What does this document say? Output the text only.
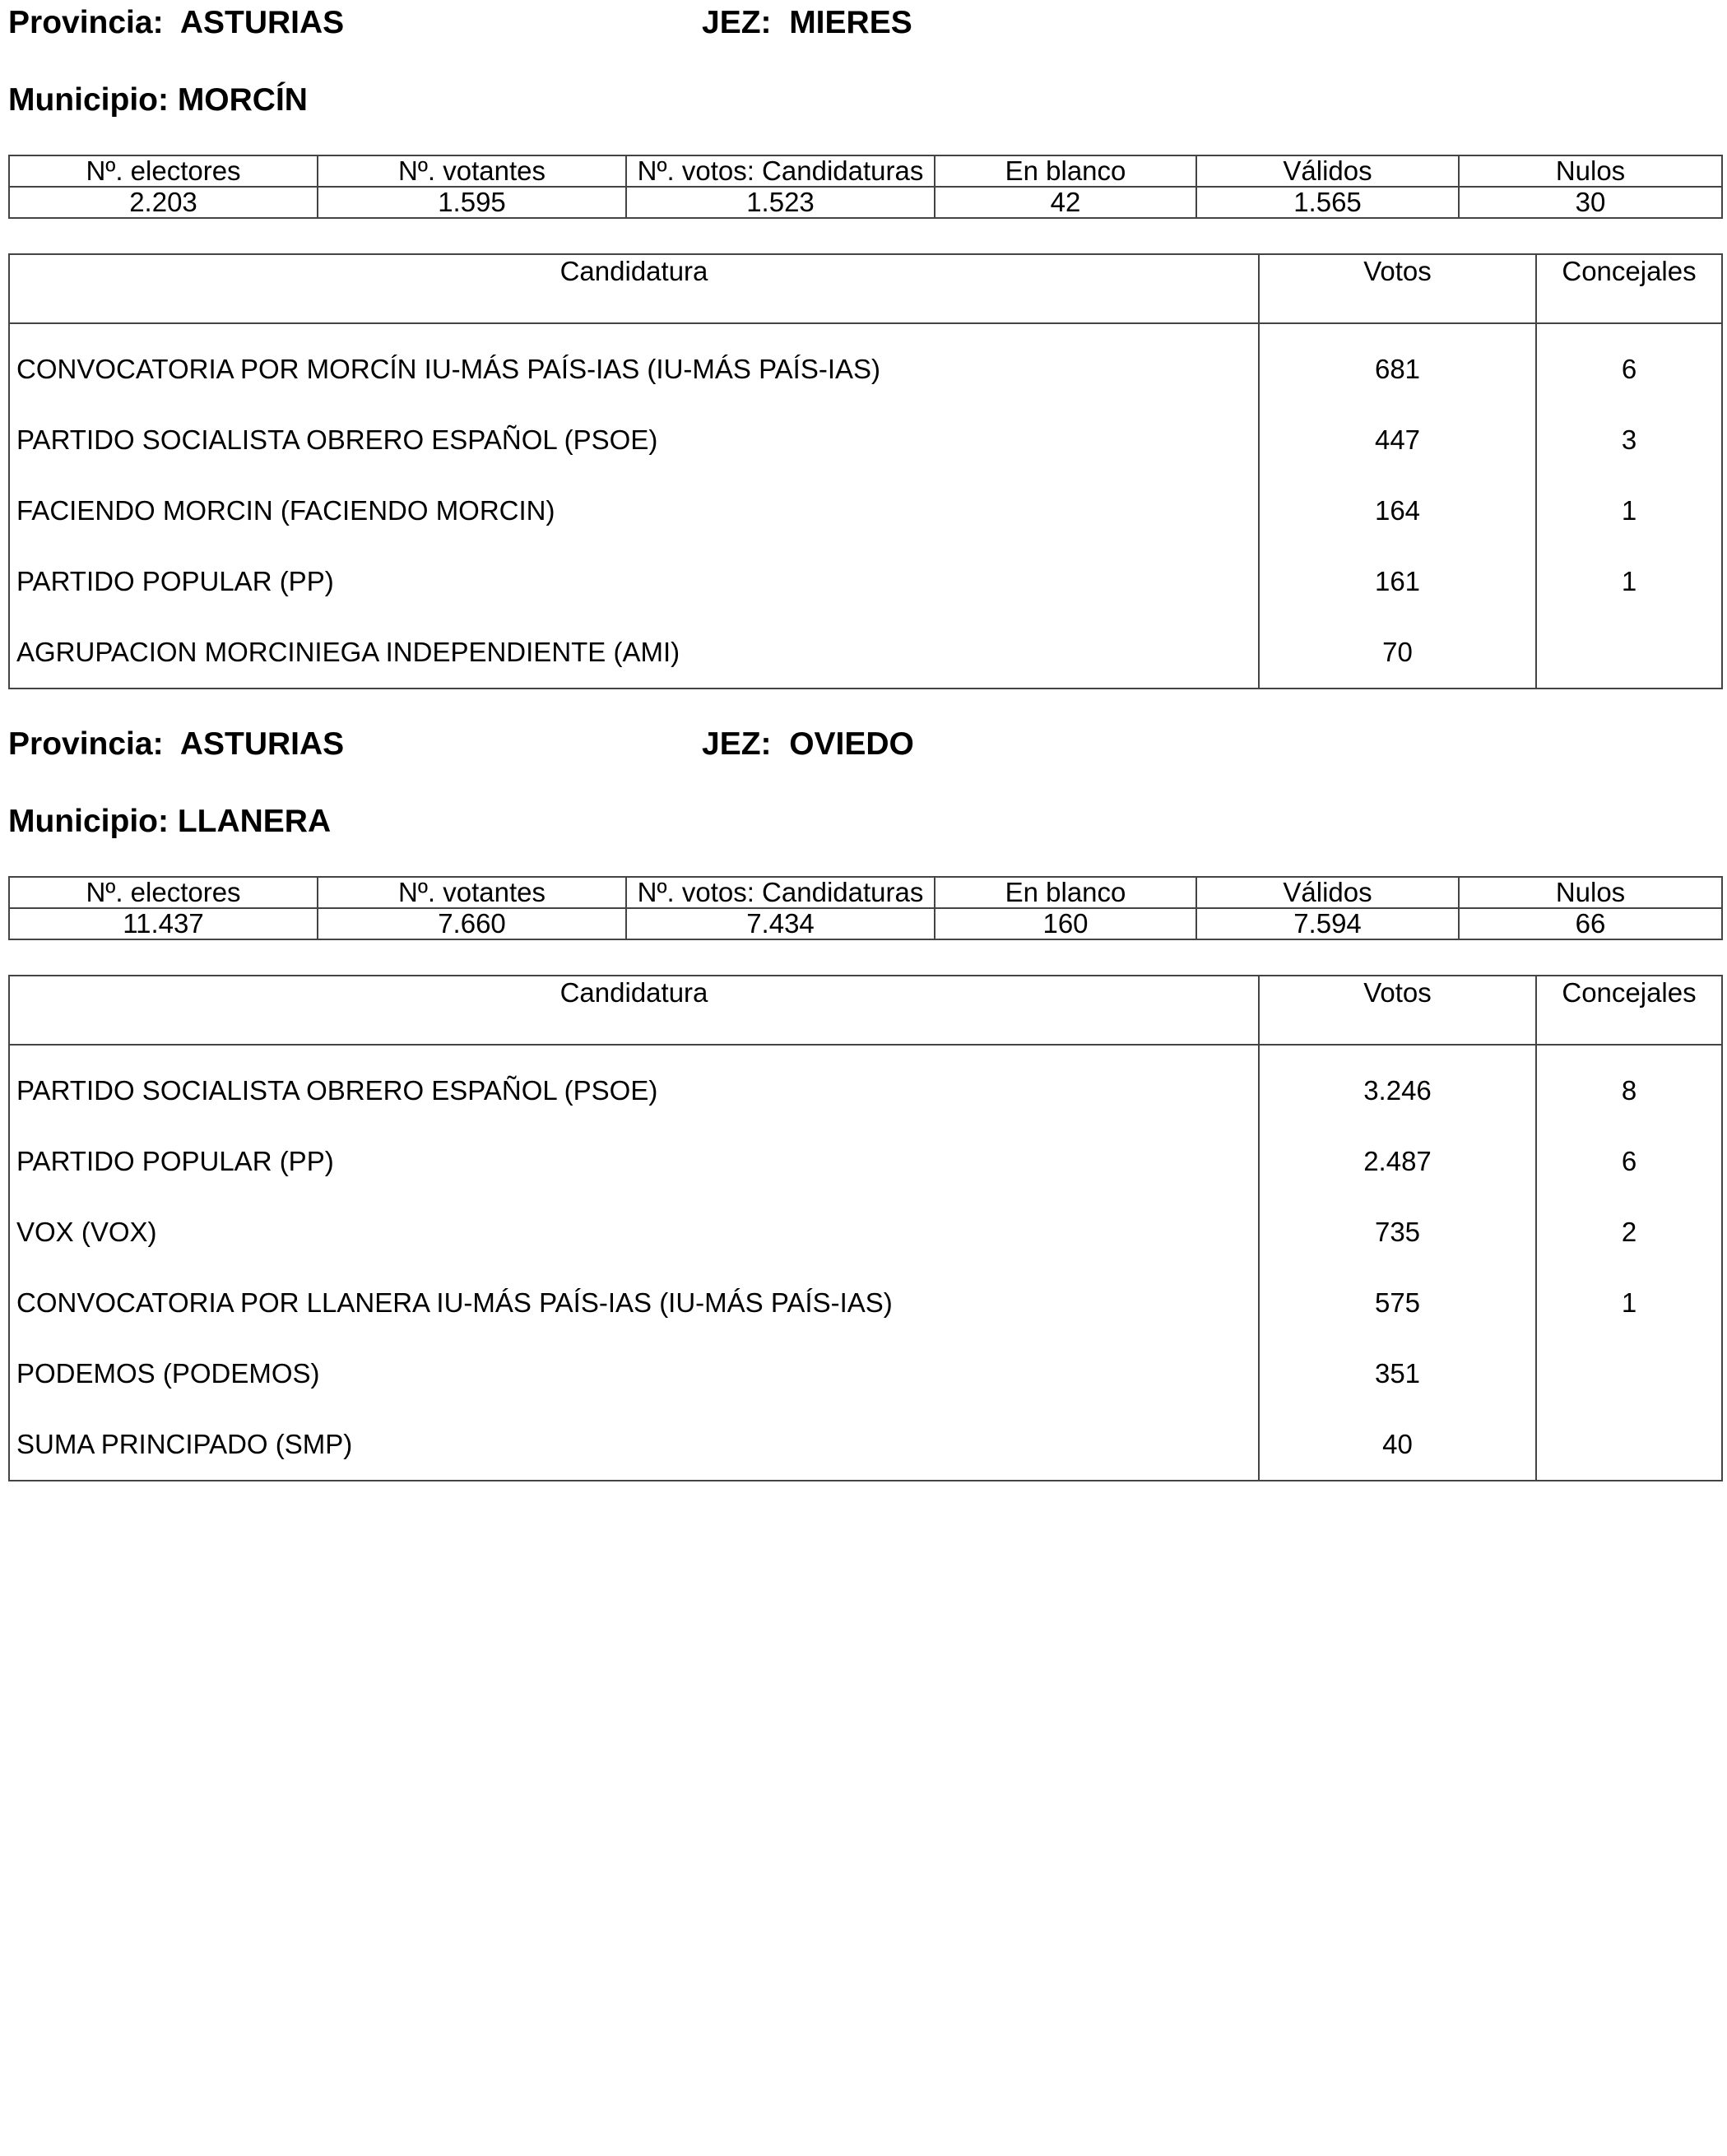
Provincia: ASTURIAS	JEZ: MIERES
Municipio: MORCÍN
Nº. electores	Nº. votantes	Nº. votos: Candidaturas	En blanco	Válidos	Nulos
2.203	1.595	1.523	42	1.565	30
Candidatura	Votos	Concejales
CONVOCATORIA POR MORCÍN IU-MÁS PAÍS-IAS (IU-MÁS PAÍS-IAS)	681	6
PARTIDO SOCIALISTA OBRERO ESPAÑOL (PSOE)	447	3
FACIENDO MORCIN (FACIENDO MORCIN)	164	1
PARTIDO POPULAR (PP)	161	1
AGRUPACION MORCINIEGA INDEPENDIENTE (AMI)	70	
Provincia: ASTURIAS	JEZ: OVIEDO
Municipio: LLANERA
Nº. electores	Nº. votantes	Nº. votos: Candidaturas	En blanco	Válidos	Nulos
11.437	7.660	7.434	160	7.594	66
Candidatura	Votos	Concejales
PARTIDO SOCIALISTA OBRERO ESPAÑOL (PSOE)	3.246	8
PARTIDO POPULAR (PP)	2.487	6
VOX (VOX)	735	2
CONVOCATORIA POR LLANERA IU-MÁS PAÍS-IAS (IU-MÁS PAÍS-IAS)	575	1
PODEMOS (PODEMOS)	351	
SUMA PRINCIPADO (SMP)	40	
